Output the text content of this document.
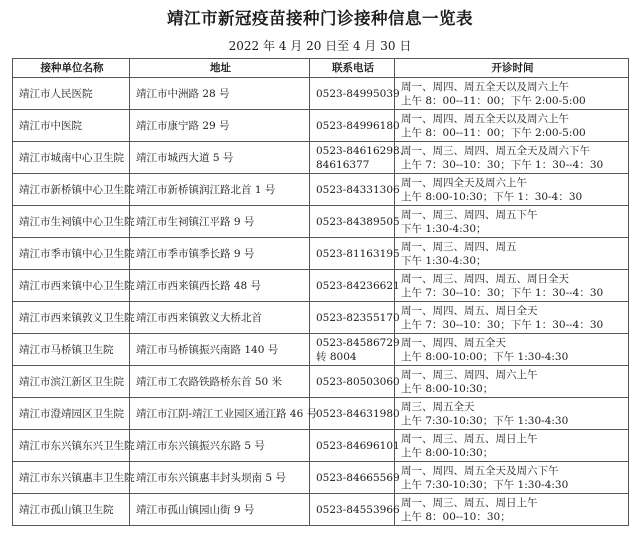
靖江市新冠疫苗接种门诊接种信息一览表
2022 年 4 月 20 日至 4 月 30 日
接种单位名称	地址	联系电话	开诊时间
靖江市人民医院	靖江市中洲路 28 号	0523-84995039	周一、周四、周五全天以及周六上午
上午 8：00--11：00；下午 2:00-5:00

靖江市中医院	靖江市康宁路 29 号	0523-84996180	周一、周四、周五全天以及周六上午
上午 8：00--11：00；下午 2:00-5:00

靖江市城南中心卫生院	靖江市城西大道 5 号	0523-84616298、
84616377	周一、周三、周四、周五全天及周六下午
上午 7：30--10：30；下午 1：30--4：30

靖江市新桥镇中心卫生院	靖江市新桥镇润江路北首 1 号	0523-84331306	周一、周四全天及周六上午
上午 8:00-10:30；下午 1：30-4：30

靖江市生祠镇中心卫生院	靖江市生祠镇江平路 9 号	0523-84389505	周一、周三、周四、周五下午
下午 1:30-4:30；

靖江市季市镇中心卫生院	靖江市季市镇季长路 9 号	0523-81163195	周一、周三、周四、周五
下午 1:30-4:30；

靖江市西来镇中心卫生院	靖江市西来镇西长路 48 号	0523-84236621	周一、周三、周四、周五、周日全天
上午 7：30--10：30；下午 1：30--4：30

靖江市西来镇敦义卫生院	靖江市西来镇敦义大桥北首	0523-82355170	周一、周四、周五、周日全天
上午 7：30--10：30；下午 1：30--4：30

靖江市马桥镇卫生院	靖江市马桥镇振兴南路 140 号	0523-84586729
转 8004	周一、周四、周五全天
上午 8:00-10:00；下午 1:30-4:30

靖江市滨江新区卫生院	靖江市工农路铁路桥东首 50 米	0523-80503060	周一、周三、周四、周六上午
上午 8:00-10:30；

靖江市澄靖园区卫生院	靖江市江阴-靖江工业园区通江路 46 号	0523-84631980	周三、周五全天
上午 7:30-10:30；下午 1:30-4:30

靖江市东兴镇东兴卫生院	靖江市东兴镇振兴东路 5 号	0523-84696101	周一、周三、周五、周日上午
上午 8:00-10:30；

靖江市东兴镇惠丰卫生院	靖江市东兴镇惠丰封头坝南 5 号	0523-84665569	周一、周四、周五全天及周六下午
上午 7:30-10:30；下午 1:30-4:30

靖江市孤山镇卫生院	靖江市孤山镇园山街 9 号	0523-84553966	周一、周三、周五、周日上午
上午 8：00--10：30；
